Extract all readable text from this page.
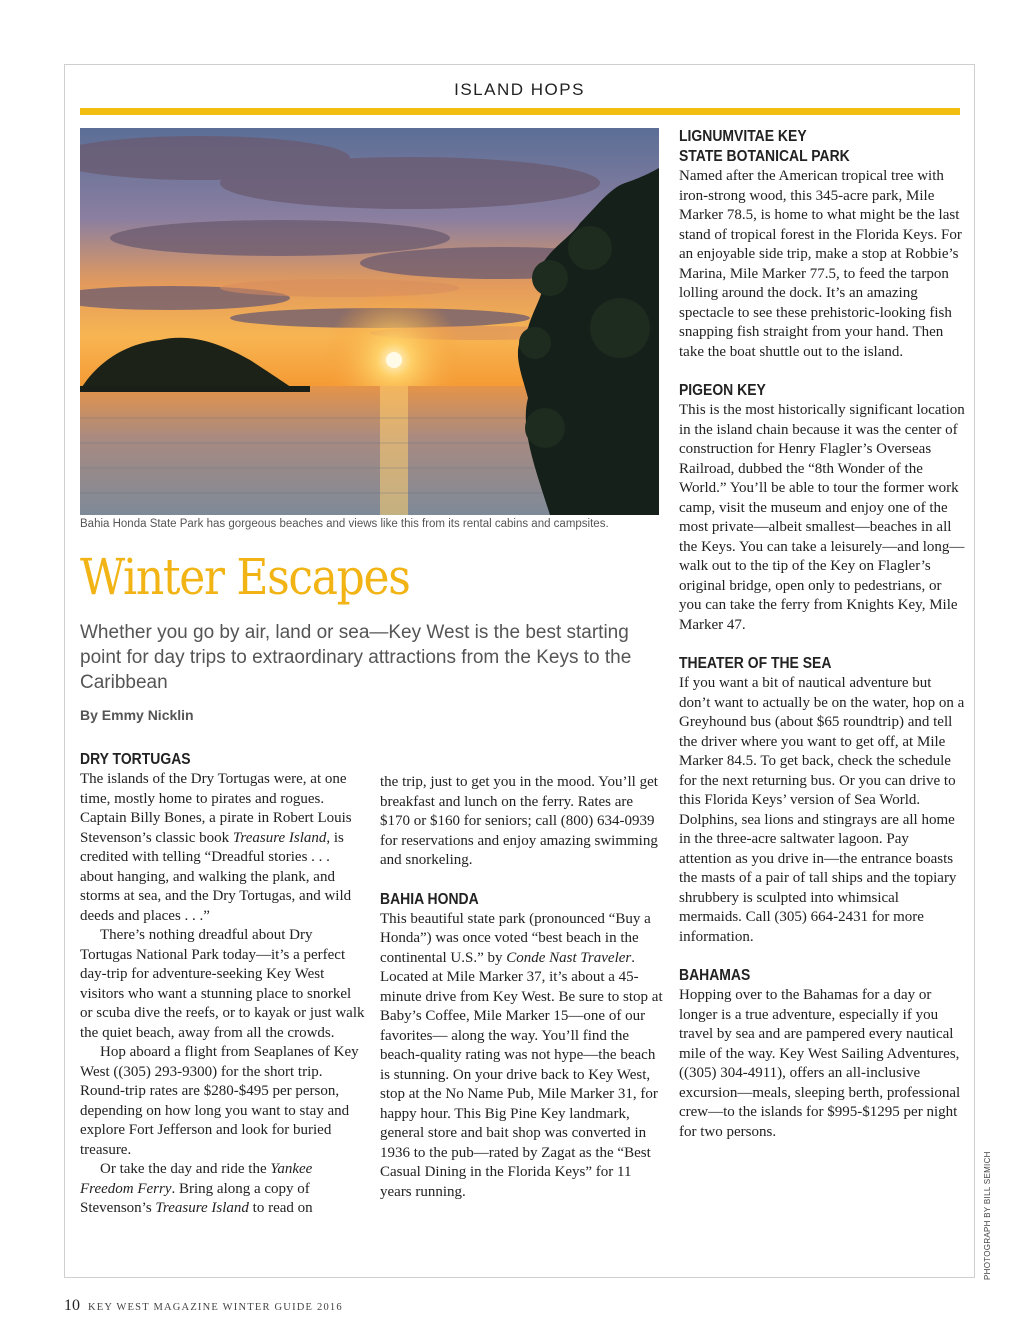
ISLAND HOPS
Bahia Honda State Park has gorgeous beaches and views like this from its rental cabins and campsites.
Winter Escapes
Whether you go by air, land or sea—Key West is the best starting point for day trips to extraordinary attractions from the Keys to the Caribbean
By Emmy Nicklin
DRY TORTUGAS

The islands of the Dry Tortugas were, at one time, mostly home to pirates and rogues. Captain Billy Bones, a pirate in Robert Louis Stevenson’s classic book Treasure Island, is credited with telling “Dreadful stories . . . about hanging, and walking the plank, and storms at sea, and the Dry Tortugas, and wild deeds and places . . .”

There’s nothing dreadful about Dry Tortugas National Park today—it’s a perfect day-trip for adventure-seeking Key West visitors who want a stunning place to snorkel or scuba dive the reefs, or to kayak or just walk the quiet beach, away from all the crowds.

Hop aboard a flight from Seaplanes of Key West ((305) 293-9300) for the short trip. Round-trip rates are $280-$495 per person, depending on how long you want to stay and explore Fort Jefferson and look for buried treasure.

Or take the day and ride the Yankee Freedom Ferry. Bring along a copy of Stevenson’s Treasure Island to read on

the trip, just to get you in the mood. You’ll get breakfast and lunch on the ferry. Rates are $170 or $160 for seniors; call (800) 634-0939 for reservations and enjoy amazing swimming and snorkeling.

BAHIA HONDA

This beautiful state park (pronounced “Buy a Honda”) was once voted “best beach in the continental U.S.” by Conde Nast Traveler. Located at Mile Marker 37, it’s about a 45-minute drive from Key West. Be sure to stop at Baby’s Coffee, Mile Marker 15—one of our favorites— along the way. You’ll find the beach-quality rating was not hype—the beach is stunning. On your drive back to Key West, stop at the No Name Pub, Mile Marker 31, for happy hour. This Big Pine Key landmark, general store and bait shop was converted in 1936 to the pub—rated by Zagat as the “Best Casual Dining in the Florida Keys” for 11 years running.

LIGNUMVITAE KEY
STATE BOTANICAL PARK

Named after the American tropical tree with iron-strong wood, this 345-acre park, Mile Marker 78.5, is home to what might be the last stand of tropical forest in the Florida Keys. For an enjoyable side trip, make a stop at Robbie’s Marina, Mile Marker 77.5, to feed the tarpon lolling around the dock. It’s an amazing spectacle to see these prehistoric-looking fish snapping fish straight from your hand. Then take the boat shuttle out to the island.

PIGEON KEY

This is the most historically significant location in the island chain because it was the center of construction for Henry Flagler’s Overseas Railroad, dubbed the “8th Wonder of the World.” You’ll be able to tour the former work camp, visit the museum and enjoy one of the most private—albeit smallest—beaches in all the Keys. You can take a leisurely—and long—walk out to the tip of the Key on Flagler’s original bridge, open only to pedestrians, or you can take the ferry from Knights Key, Mile Marker 47.

THEATER OF THE SEA

If you want a bit of nautical adventure but don’t want to actually be on the water, hop on a Greyhound bus (about $65 roundtrip) and tell the driver where you want to get off, at Mile Marker 84.5. To get back, check the schedule for the next returning bus. Or you can drive to this Florida Keys’ version of Sea World. Dolphins, sea lions and stingrays are all home in the three-acre saltwater lagoon. Pay attention as you drive in—the entrance boasts the masts of a pair of tall ships and the topiary shrubbery is sculpted into whimsical mermaids. Call (305) 664-2431 for more information.

BAHAMAS

Hopping over to the Bahamas for a day or longer is a true adventure, especially if you travel by sea and are pampered every nautical mile of the way. Key West Sailing Adventures, ((305) 304-4911), offers an all-inclusive excursion—meals, sleeping berth, professional crew—to the islands for $995-$1295 per night for two persons.

PHOTOGRAPH BY BILL SEMICH
10 KEY WEST MAGAZINE WINTER GUIDE 2016
